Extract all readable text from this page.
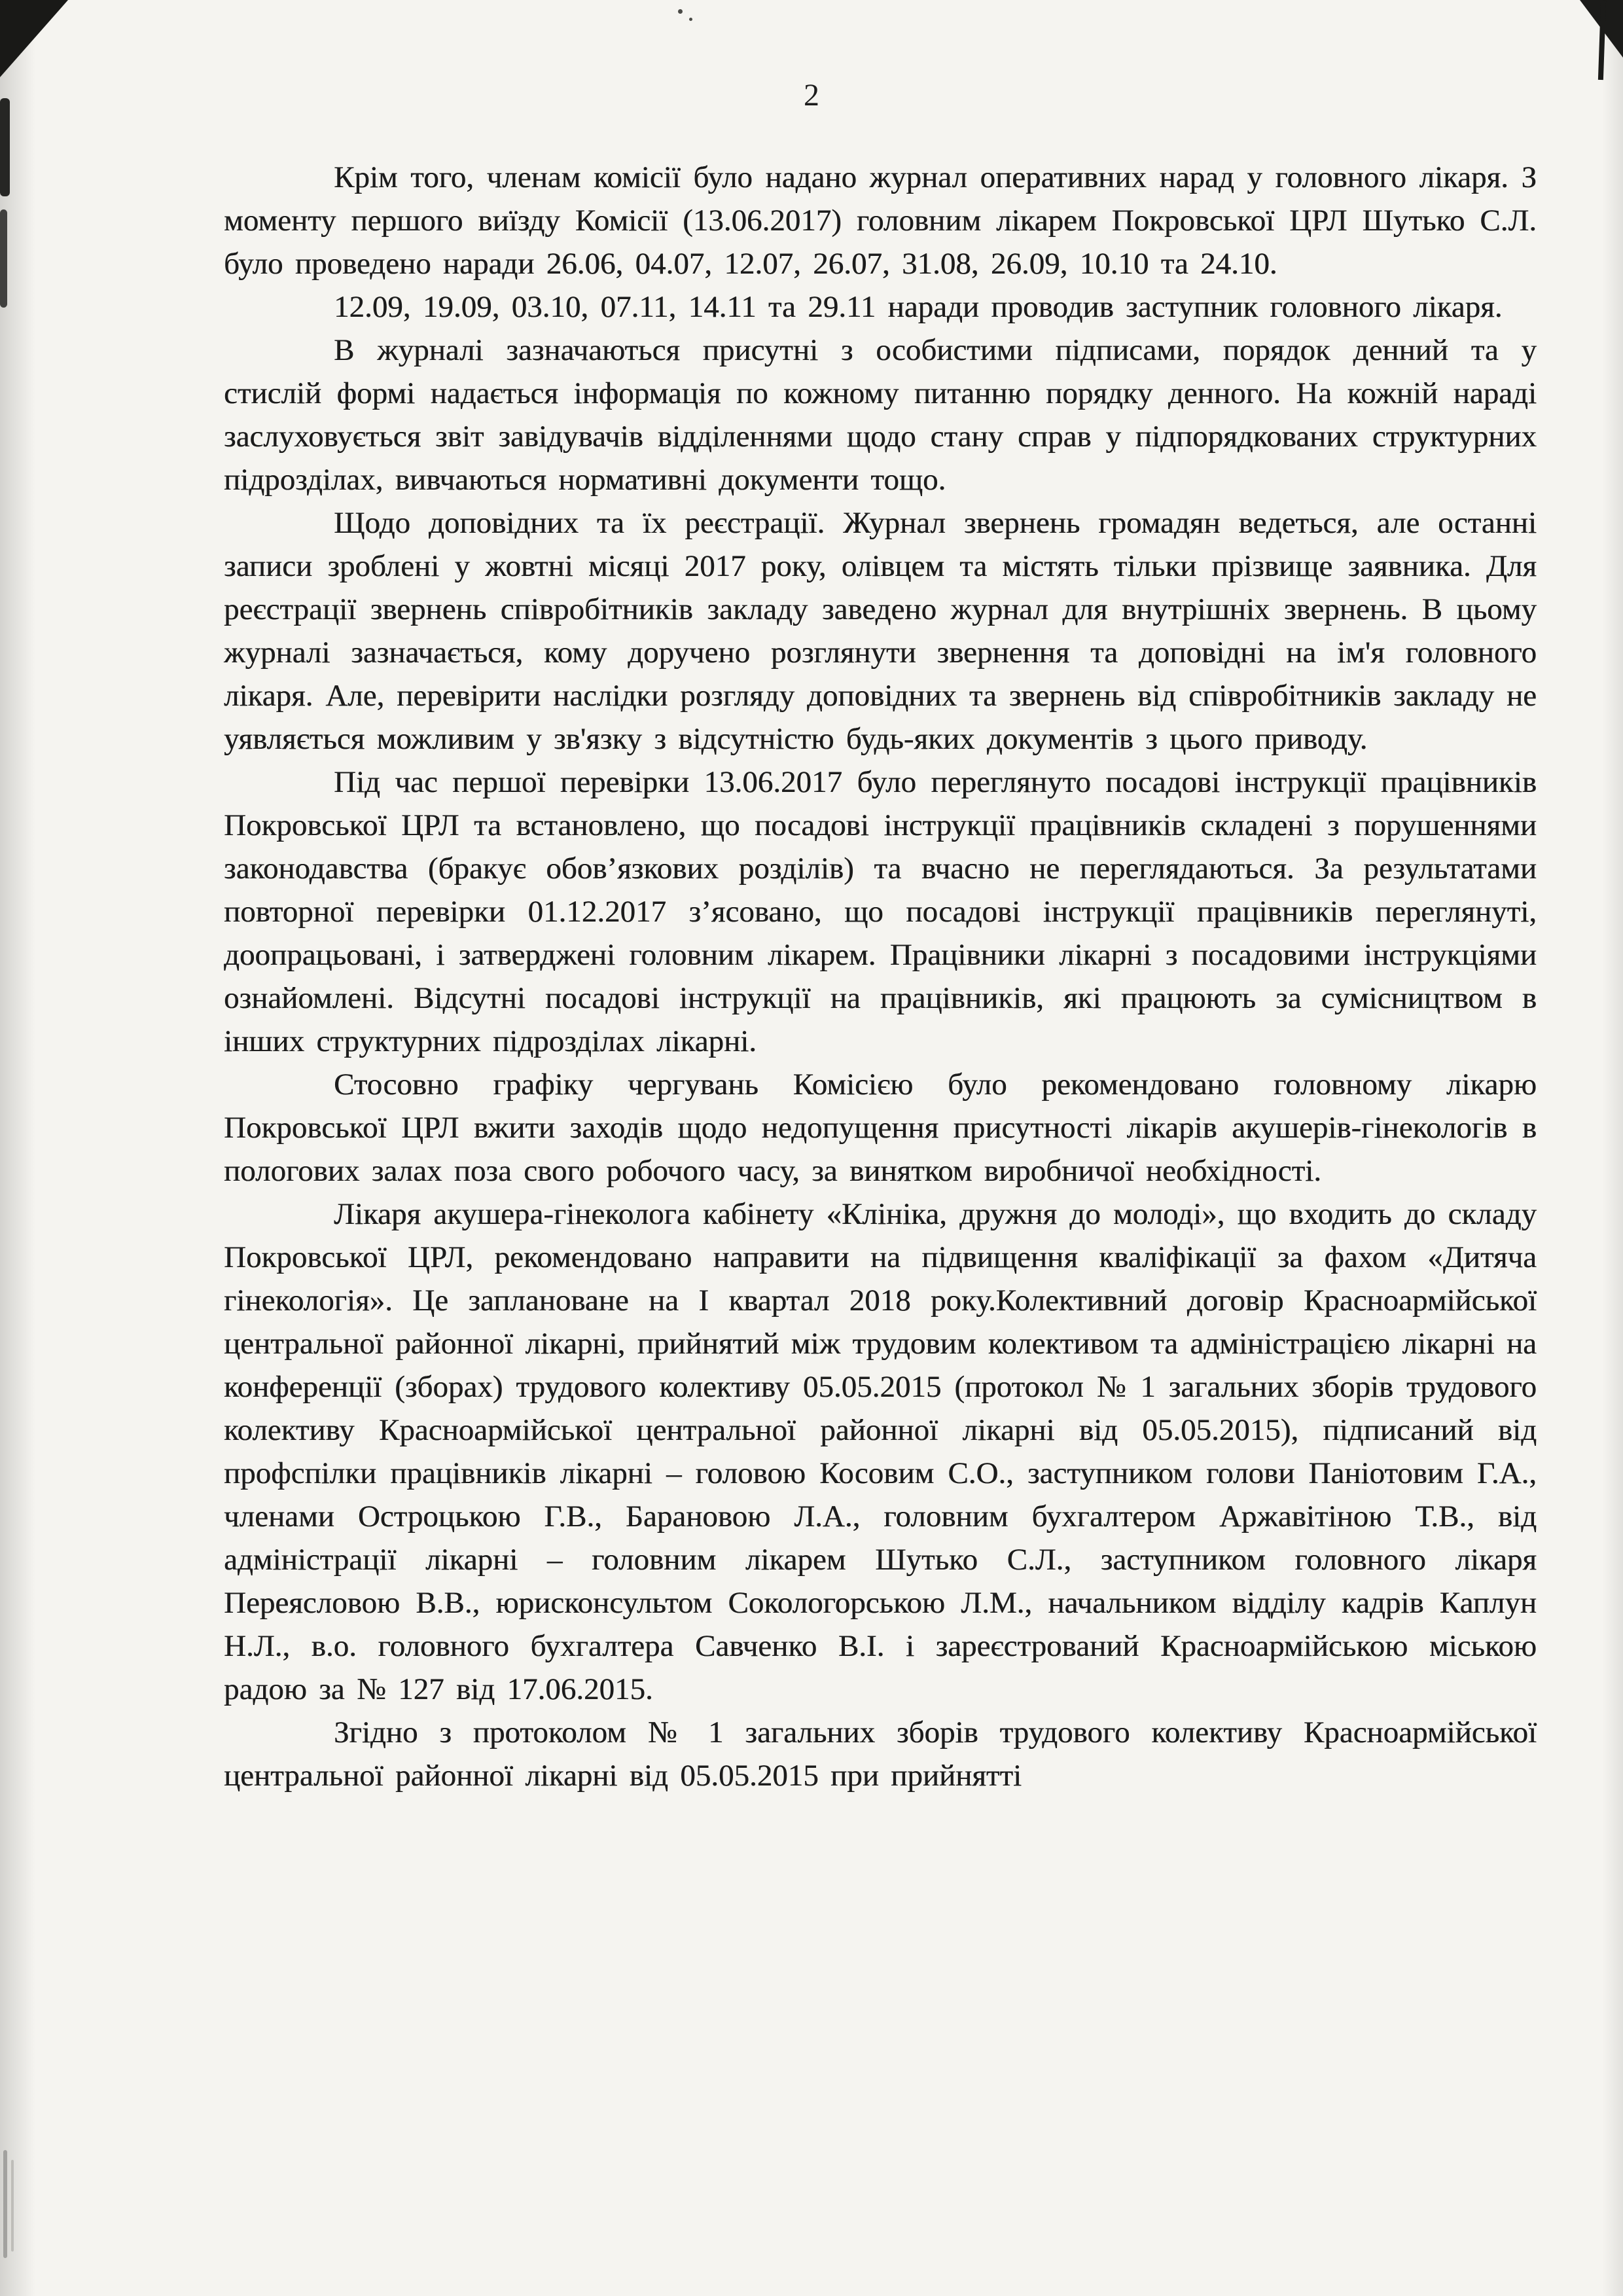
2

Крім того, членам комісії було надано журнал оперативних нарад у головного лікаря. З моменту першого виїзду Комісії (13.06.2017) головним лікарем Покровської ЦРЛ Шутько С.Л. було проведено наради 26.06, 04.07, 12.07, 26.07, 31.08, 26.09, 10.10 та 24.10.

12.09, 19.09, 03.10, 07.11, 14.11 та 29.11 наради проводив заступник головного лікаря.

В журналі зазначаються присутні з особистими підписами, порядок денний та у стислій формі надається інформація по кожному питанню порядку денного. На кожній нараді заслуховується звіт завідувачів відділеннями щодо стану справ у підпорядкованих структурних підрозділах, вивчаються нормативні документи тощо.

Щодо доповідних та їх реєстрації. Журнал звернень громадян ведеться, але останні записи зроблені у жовтні місяці 2017 року, олівцем та містять тільки прізвище заявника. Для реєстрації звернень співробітників закладу заведено журнал для внутрішніх звернень. В цьому журналі зазначається, кому доручено розглянути звернення та доповідні на ім'я головного лікаря. Але, перевірити наслідки розгляду доповідних та звернень від співробітників закладу не уявляється можливим у зв'язку з відсутністю будь-яких документів з цього приводу.

Під час першої перевірки 13.06.2017 було переглянуто посадові інструкції працівників Покровської ЦРЛ та встановлено, що посадові інструкції працівників складені з порушеннями законодавства (бракує обов’язкових розділів) та вчасно не переглядаються. За результатами повторної перевірки 01.12.2017 з’ясовано, що посадові інструкції працівників переглянуті, доопрацьовані, і затверджені головним лікарем. Працівники лікарні з посадовими інструкціями ознайомлені. Відсутні посадові інструкції на працівників, які працюють за сумісництвом в інших структурних підрозділах лікарні.

Стосовно графіку чергувань Комісією було рекомендовано головному лікарю Покровської ЦРЛ вжити заходів щодо недопущення присутності лікарів акушерів-гінекологів в пологових залах поза свого робочого часу, за винятком виробничої необхідності.

Лікаря акушера-гінеколога кабінету «Клініка, дружня до молоді», що входить до складу Покровської ЦРЛ, рекомендовано направити на підвищення кваліфікації за фахом «Дитяча гінекологія». Це заплановане на І квартал 2018 року.Колективний договір Красноармійської центральної районної лікарні, прийнятий між трудовим колективом та адміністрацією лікарні на конференції (зборах) трудового колективу 05.05.2015 (протокол № 1 загальних зборів трудового колективу Красноармійської центральної районної лікарні від 05.05.2015), підписаний від профспілки працівників лікарні – головою Косовим С.О., заступником голови Паніотовим Г.А., членами Остроцькою Г.В., Барановою Л.А., головним бухгалтером Аржавітіною Т.В., від адміністрації лікарні – головним лікарем Шутько С.Л., заступником головного лікаря Переясловою В.В., юрисконсультом Сокологорською Л.М., начальником відділу кадрів Каплун Н.Л., в.о. головного бухгалтера Савченко В.І. і зареєстрований Красноармійською міською радою за № 127 від 17.06.2015.

Згідно з протоколом № 1 загальних зборів трудового колективу Красноармійської центральної районної лікарні від 05.05.2015 при прийнятті
